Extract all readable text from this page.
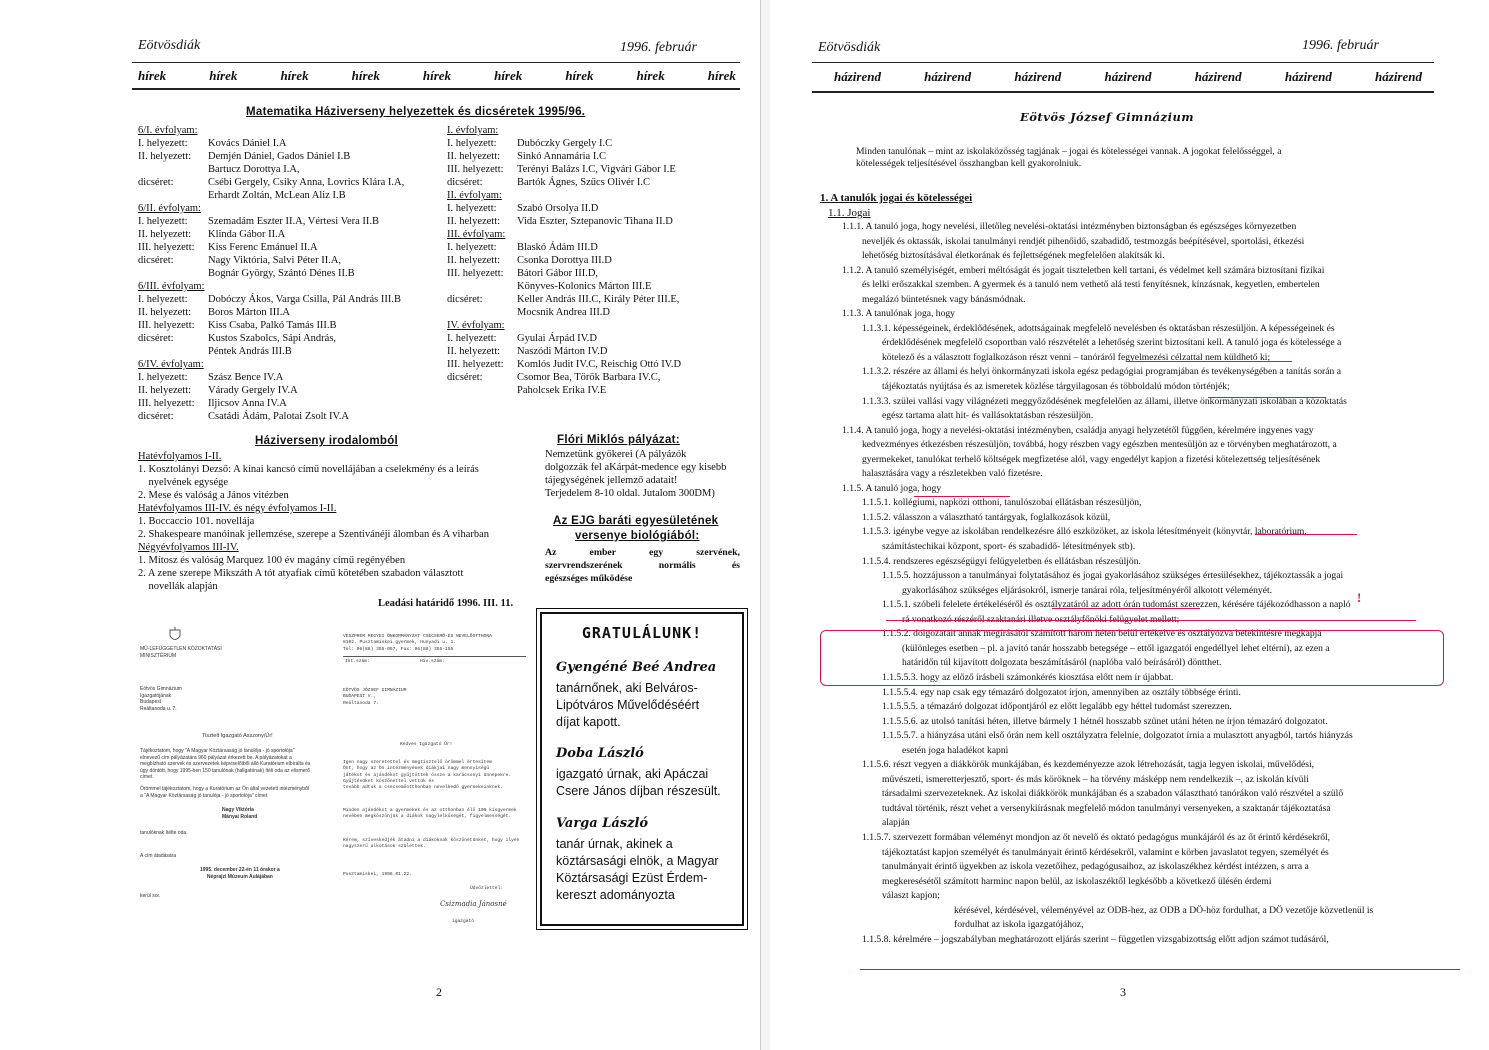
Eötvösdiák	1996. február
hírek	hírek	hírek	hírek	hírek	hírek	hírek	hírek	hírek
Matematika Háziverseny helyezettek és dicséretek 1995/96.
6/I. évfolyam:
I. helyezett:	Kovács Dániel I.A
II. helyezett:	Demjén Dániel, Gados Dániel I.B
Bartucz Dorottya I.A,
dicséret:	Csébi Gergely, Csiky Anna, Lovrics Klára I.A,
Erhardt Zoltán, McLean Aliz I.B
6/II. évfolyam:
I. helyezett:	Szemadám Eszter II.A, Vértesi Vera II.B
II. helyezett:	Klinda Gábor II.A
III. helyezett:	Kiss Ferenc Emánuel II.A
dicséret:	Nagy Viktória, Salvi Péter II.A,
Bognár György, Szántó Dénes II.B
6/III. évfolyam:
I. helyezett:	Dobóczy Ákos, Varga Csilla, Pál András III.B
II. helyezett:	Boros Márton III.A
III. helyezett:	Kiss Csaba, Palkó Tamás III.B
dicséret:	Kustos Szabolcs, Sápi András,
Péntek András III.B
6/IV. évfolyam:
I. helyezett:	Szász Bence IV.A
II. helyezett:	Várady Gergely IV.A
III. helyezett:	Iljicsov Anna IV.A
dicséret:	Csatádi Ádám, Palotai Zsolt IV.A
I. évfolyam:
I. helyezett:	Dubóczky Gergely I.C
II. helyezett:	Sinkó Annamária I.C
III. helyezett:	Terényi Balázs I.C, Vigvári Gábor I.E
dicséret:	Bartók Ágnes, Szűcs Olivér I.C
II. évfolyam:
I. helyezett:	Szabó Orsolya II.D
II. helyezett:	Vida Eszter, Sztepanovic Tihana II.D
III. évfolyam:
I. helyezett:	Blaskó Ádám III.D
II. helyezett:	Csonka Dorottya III.D
III. helyezett:	Bátori Gábor III.D,
Könyves-Kolonics Márton III.E
dicséret:	Keller András III.C, Király Péter III.E,
Mocsnik Andrea III.D
IV. évfolyam:
I. helyezett:	Gyulai Árpád IV.D
II. helyezett:	Naszódi Márton IV.D
III. helyezett:	Komlós Judit IV.C, Reischig Ottó IV.D
dicséret:	Csomor Bea, Török Barbara IV.C,
Paholcsek Erika IV.E
Háziverseny irodalomból
Hatévfolyamos I-II.
1. Kosztolányi Dezső: A kínai kancsó című novellájában a cselekmény és a leírás
nyelvének egysége
2. Mese és valóság a János vitézben
Hatévfolyamos III-IV. és négy évfolyamos I-II.
1. Boccaccio 101. novellája
2. Shakespeare manóinak jellemzése, szerepe a Szentivánéji álomban és A viharban
Négyévfolyamos III-IV.
1. Mítosz és valóság Marquez 100 év magány című regényében
2. A zene szerepe Mikszáth A tót atyafiak című kötetében szabadon választott
novellák alapján
Leadási határidő 1996. III. 11.
Flóri Miklós pályázat:
Nemzetünk gyökerei (A pályázók
dolgozzák fel aKárpát-medence egy kisebb
tájegységének jellemző adatait!
Terjedelem 8-10 oldal. Jutalom 300DM)
Az EJG baráti egyesületének
versenye biológiából:
Az ember egy szervének,
szervrendszerének normális és
egészséges működése
GRATULÁLUNK!
Gyengéné Beé Andrea
tanárnőnek, aki Belváros-
Lipótváros Művelődéséért
díjat kapott.
Doba László
igazgató úrnak, aki Apáczai
Csere János díjban részesült.
Varga László
tanár úrnak, akinek a
köztársasági elnök, a Magyar
Köztársasági Ezüst Érdem-
kereszt adományozta
MŰ-LEFÜGGETLEN KÖZOKTATÁSI
MINISZTÉRIUM
Eötvös Gimnázium
Igazgatójának
Budapest
Reáltanoda u. 7.
Tisztelt Igazgató Asszony/Úr!
Tájékoztatom, hogy "A Magyar Köztársaság jó tanulója - jó sportolója"
elnevezű cím pályázatára 960 pályázat érkezett be. A pályázatokat a
megbízható szervek és szervezetek képviselőiből álló Kuratórium elbírálta és
úgy döntött, hogy 1995-ben 150 tanulónak (hallgatónak) ítéli oda az elismerő
címet.
Örömmel tájékoztatom, hogy a Kuratórium az Ön által vezetett intézményből
a "A Magyar Köztársaság jó tanulója - jó sportolója" címet
Nagy Viktória
Mányai Roland
tanulóknak ítélte oda.
A cím átadására
1995. december 22-én 11 órakor a
Néprajzi Múzeum Aulájában
kerül sor.
VESZPRÉM MEGYEI ÖNKORMÁNYZAT CSECSEMŐ-ÉS NEVELŐOTTHONA
8102. Pusztamiskei gyermek, Hunyadi u. 1.
Tel: 06(88) 355-057, Fax: 06(88) 355-155
Ikt.szám:	Hiv.szám:
EÖTVÖS JÓZSEF GIMNÁZIUM
BUDAPEST V.,
Reáltanoda 7.
Kedves Igazgató Úr!
Igen nagy szeretettel és megtisztelő örömmel értesítem
Önt, hogy az Ön intézményének diákjai nagy mennyiségű
játékot és ajándékot gyűjtöttek össze a karácsonyi ünnepekre.
Gyűjtésüket köszönettel vettük és
tovább adtuk a csecsemőotthonban nevelkedő gyermekeinknek.
Minden ajándékot a gyermekek és az otthonban élő 100 kisgyermek
nevében megköszönjük a diákok nagylelkűségét, figyelmességét.
Kérem, szíveskedjék átadni a diákoknak köszönetünket, hogy ilyen
nagyszerű alkotások születtek.
Pusztamiskei, 1996.01.22.
Üdvözlettel:
Csizmadia Jánosné
igazgató
2
Eötvösdiák	1996. február
házirend	házirend	házirend	házirend	házirend	házirend	házirend
Eötvös József Gimnázium
Minden tanulónak – mint az iskolaközösség tagjának – jogai és kötelességei vannak. A jogokat felelősséggel, a
kötelességek teljesítésével összhangban kell gyakorolniuk.
1. A tanulók jogai és kötelességei
1.1. Jogai
1.1.1. A tanuló joga, hogy nevelési, illetőleg nevelési-oktatási intézményben biztonságban és egészséges környezetben
neveljék és oktassák, iskolai tanulmányi rendjét pihenőidő, szabadidő, testmozgás beépítésével, sportolási, étkezési
lehetőség biztosításával életkorának és fejlettségének megfelelően alakítsák ki.
1.1.2. A tanuló személyiségét, emberi méltóságát és jogait tiszteletben kell tartani, és védelmet kell számára biztosítani fizikai
és lelki erőszakkal szemben. A gyermek és a tanuló nem vethető alá testi fenyítésnek, kínzásnak, kegyetlen, embertelen
megalázó büntetésnek vagy bánásmódnak.
1.1.3. A tanulónak joga, hogy
1.1.3.1. képességeinek, érdeklődésének, adottságainak megfelelő nevelésben és oktatásban részesüljön. A képességeinek és
érdeklődésének megfelelő csoportban való részvételét a lehetőség szerint biztosítani kell. A tanuló joga és kötelessége a
kötelező és a választott foglalkozáson részt venni – tanóráról fegyelmezési célzattal nem küldhető ki;
1.1.3.2. részére az állami és helyi önkormányzati iskola egész pedagógiai programjában és tevékenységében a tanítás során a
tájékoztatás nyújtása és az ismeretek közlése tárgyilagosan és többoldalú módon történjék;
1.1.3.3. szülei vallási vagy világnézeti meggyőződésének megfelelően az állami, illetve önkormányzati iskolában a közoktatás
egész tartama alatt hit- és vallásoktatásban részesüljön.
1.1.4. A tanuló joga, hogy a nevelési-oktatási intézményben, családja anyagi helyzetétől függően, kérelmére ingyenes vagy
kedvezményes étkezésben részesüljön, továbbá, hogy részben vagy egészben mentesüljön az e törvényben meghatározott, a
gyermekeket, tanulókat terhelő költségek megfizetése alól, vagy engedélyt kapjon a fizetési kötelezettség teljesítésének
halasztására vagy a részletekben való fizetésre.
1.1.5. A tanuló joga, hogy
1.1.5.1. kollégiumi, napközi otthoni, tanulószobai ellátásban részesüljön,
1.1.5.2. válasszon a választható tantárgyak, foglalkozások közül,
1.1.5.3. igénybe vegye az iskolában rendelkezésre álló eszközöket, az iskola létesítményeit (könyvtár, laboratórium,
számítástechikai központ, sport- és szabadidő- létesítmények stb).
1.1.5.4. rendszeres egészségügyi felügyeletben és ellátásban részesüljön.
1.1.5.5. hozzájusson a tanulmányai folytatásához és jogai gyakorlásához szükséges értesülésekhez, tájékoztassák a jogai
gyakorlásához szükséges eljárásokról, ismerje tanárai róla, teljesítményéről alkotott véleményét.
1.1.5.1. szóbeli felelete értékeléséről és osztályzatáról az adott órán tudomást szerezzen, kérésére tájékozódhasson a napló
rá vonatkozó részéről szaktanári illetve osztályfőnöki felügyelet mellett;
1.1.5.2. dolgozatait annak megírásától számított három héten belül értékelve és osztályozva betekintésre megkapja
(különleges esetben – pl. a javító tanár hosszabb betegsége – ettől igazgatói engedéllyel lehet eltérni), az ezen a
határidőn túl kijavított dolgozata beszámításáról (naplóba való beírásáról) döntthet.
1.1.5.5.3. hogy az előző írásbeli számonkérés kiosztása előtt nem ír újabbat.
1.1.5.5.4. egy nap csak egy témazáró dolgozatot írjon, amennyiben az osztály többsége érinti.
1.1.5.5.5. a témazáró dolgozat időpontjáról ez előtt legalább egy héttel tudomást szerezzen.
1.1.5.5.6. az utolsó tanítási héten, illetve bármely 1 hétnél hosszabb szünet utáni héten ne írjon témazáró dolgozatot.
1.1.5.5.7. a hiányzása utáni első órán nem kell osztályzatra felelnie, dolgozatot írnia a mulasztott anyagból, tartós hiányzás
esetén joga haladékot kapni
1.1.5.6. részt vegyen a diákkörök munkájában, és kezdeményezze azok létrehozását, tagja legyen iskolai, művelődési,
művészeti, ismeretterjesztő, sport- és más köröknek – ha törvény másképp nem rendelkezik –, az iskolán kívüli
társadalmi szervezeteknek. Az iskolai diákkörök munkájában és a szabadon választható tanórákon való részvétel a szülő
tudtával történik, részt vehet a versenykiírásnak megfelelő módon tanulmányi versenyeken, a szaktanár tájékoztatása
alapján
1.1.5.7. szervezett formában véleményt mondjon az őt nevelő és oktató pedagógus munkájáról és az őt érintő kérdésekről,
tájékoztatást kapjon személyét és tanulmányait érintő kérdésekről, valamint e körben javaslatot tegyen, személyét és
tanulmányait érintő ügyekben az iskola vezetőihez, pedagógusaihoz, az iskolaszékhez kérdést intézzen, s arra a
megkeresésétől számított harminc napon belül, az iskolaszéktől legkésőbb a következő ülésén érdemi
választ kapjon;
kérésével, kérdésével, véleményével az ODB-hez, az ODB a DÖ-höz fordulhat, a DÖ vezetője közvetlenül is
fordulhat az iskola igazgatójához,
1.1.5.8. kérelmére – jogszabályban meghatározott eljárás szerint – független vizsgabizottság előtt adjon számot tudásáról,
!
3
